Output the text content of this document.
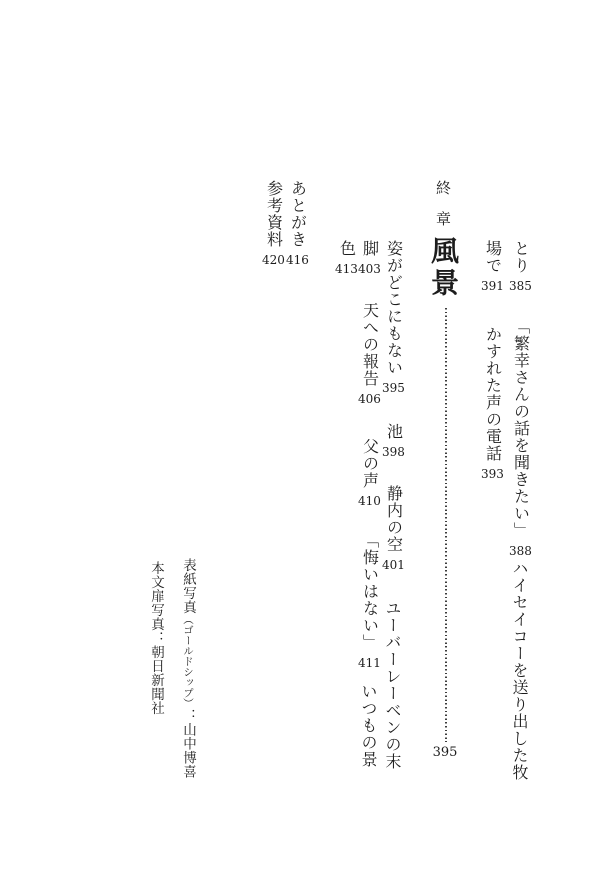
終章
風景
395
とり385
「繁幸さんの話を聞きたい」388
ハイセイコーを送り出した牧
場で391
かすれた声の電話393
姿がどこにもない395
池398
静内の空401
ユーバーレーベンの末
脚403
天への報告406
父の声410
「悔いはない」411
いつもの景
色413
あとがき416
参考資料420
表紙写真（ゴールドシップ）：山中博喜
本文扉写真：朝日新聞社
